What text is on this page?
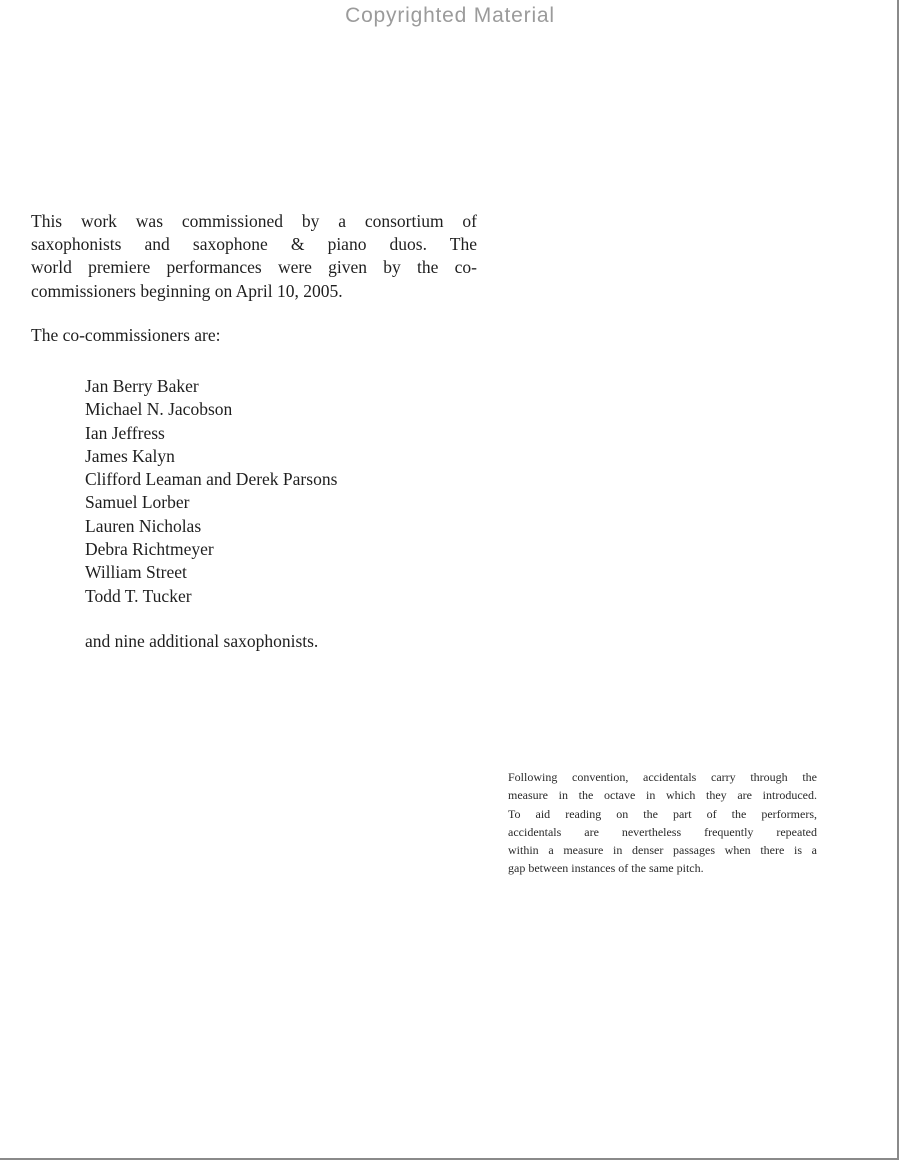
Copyrighted Material
This work was commissioned by a consortium of
saxophonists and saxophone & piano duos. The
world premiere performances were given by the co-
commissioners beginning on April 10, 2005.
The co-commissioners are:
Jan Berry Baker
Michael N. Jacobson
Ian Jeffress
James Kalyn
Clifford Leaman and Derek Parsons
Samuel Lorber
Lauren Nicholas
Debra Richtmeyer
William Street
Todd T. Tucker
and nine additional saxophonists.
Following convention, accidentals carry through the
measure in the octave in which they are introduced.
To aid reading on the part of the performers,
accidentals are nevertheless frequently repeated
within a measure in denser passages when there is a
gap between instances of the same pitch.
